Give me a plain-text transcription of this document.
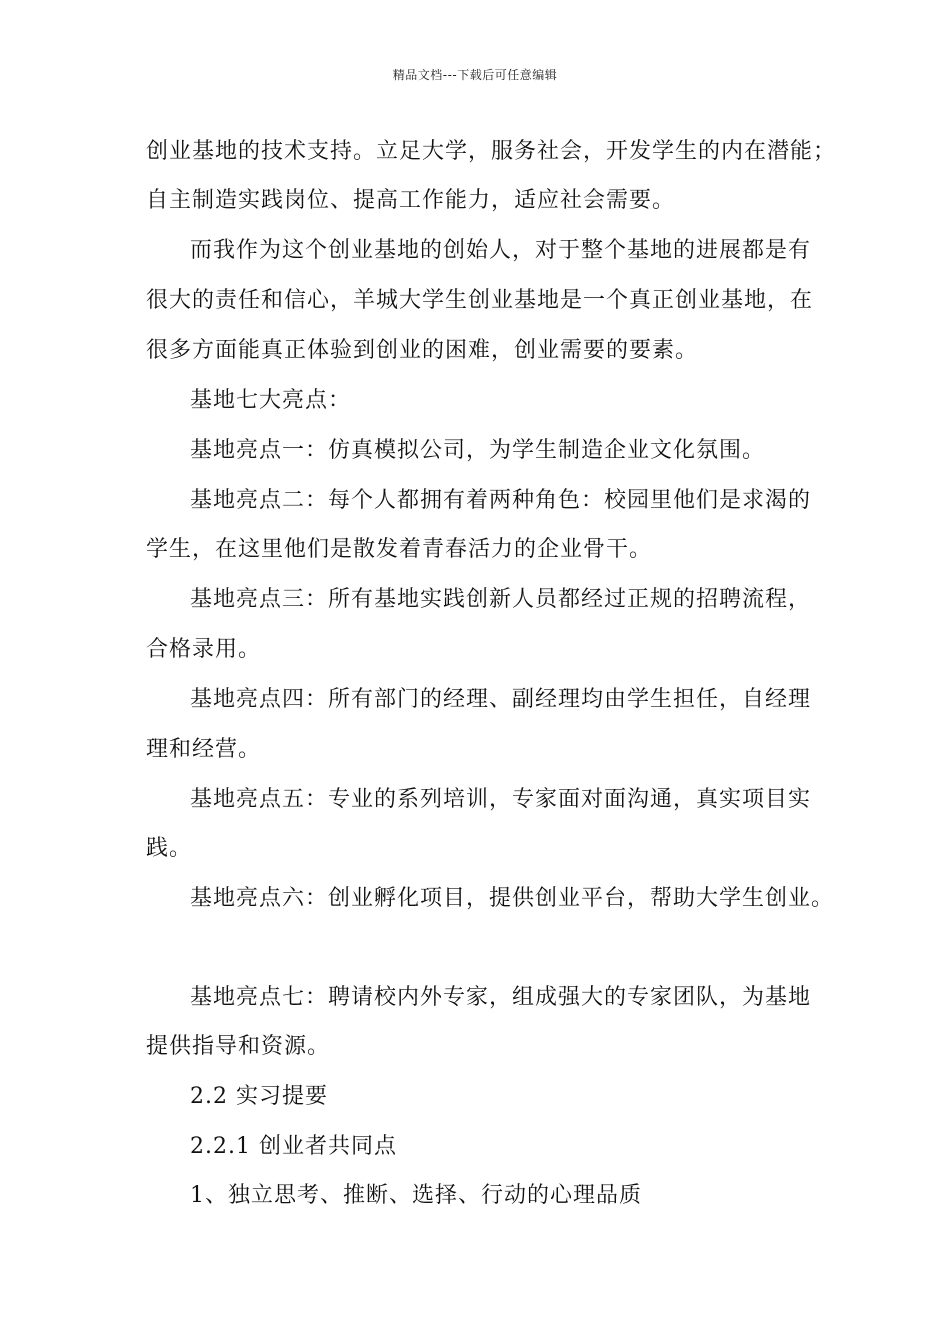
精品文档---下载后可任意编辑
创业基地的技术支持。立足大学，服务社会，开发学生的内在潜能；
自主制造实践岗位、提高工作能力，适应社会需要。
而我作为这个创业基地的创始人，对于整个基地的进展都是有
很大的责任和信心，羊城大学生创业基地是一个真正创业基地，在
很多方面能真正体验到创业的困难，创业需要的要素。
基地七大亮点：
基地亮点一：仿真模拟公司，为学生制造企业文化氛围。
基地亮点二：每个人都拥有着两种角色：校园里他们是求渴的
学生，在这里他们是散发着青春活力的企业骨干。
基地亮点三：所有基地实践创新人员都经过正规的招聘流程，
合格录用。
基地亮点四：所有部门的经理、副经理均由学生担任，自经理
理和经营。
基地亮点五：专业的系列培训，专家面对面沟通，真实项目实
践。
基地亮点六：创业孵化项目，提供创业平台，帮助大学生创业。
基地亮点七：聘请校内外专家，组成强大的专家团队，为基地
提供指导和资源。
2.2 实习提要
2.2.1 创业者共同点
1、独立思考、推断、选择、行动的心理品质
